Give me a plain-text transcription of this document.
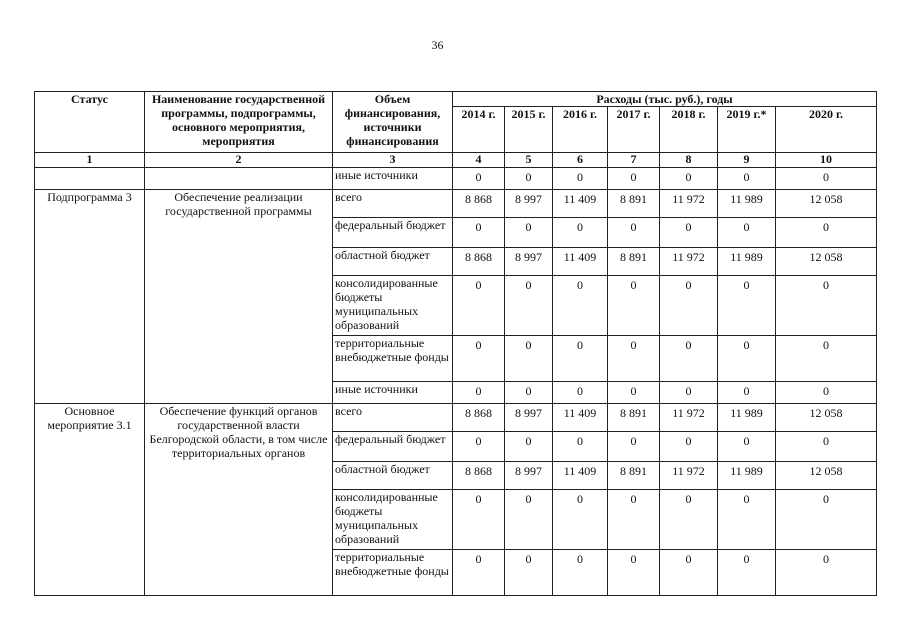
36
Статус	Наименование государственной программы, подпрограммы, основного мероприятия, мероприятия	Объем финансирования, источники финансирования	Расходы (тыс. руб.), годы						
			2014 г.	2015 г.	2016 г.	2017 г.	2018 г.	2019 г.*	2020 г.
1	2	3	4	5	6	7	8	9	10
		иные источники	0	0	0	0	0	0	0
Подпрограмма 3	Обеспечение реализации государственной программы	всего	8 868	8 997	11 409	8 891	11 972	11 989	12 058
		федеральный бюджет	0	0	0	0	0	0	0
		областной бюджет	8 868	8 997	11 409	8 891	11 972	11 989	12 058
		консолидированные бюджеты муниципальных образований	0	0	0	0	0	0	0
		территориальные внебюджетные фонды	0	0	0	0	0	0	0
		иные источники	0	0	0	0	0	0	0
Основное мероприятие 3.1	Обеспечение функций органов государственной власти Белгородской области, в том числе территориальных органов	всего	8 868	8 997	11 409	8 891	11 972	11 989	12 058
		федеральный бюджет	0	0	0	0	0	0	0
		областной бюджет	8 868	8 997	11 409	8 891	11 972	11 989	12 058
		консолидированные бюджеты муниципальных образований	0	0	0	0	0	0	0
		территориальные внебюджетные фонды	0	0	0	0	0	0	0
